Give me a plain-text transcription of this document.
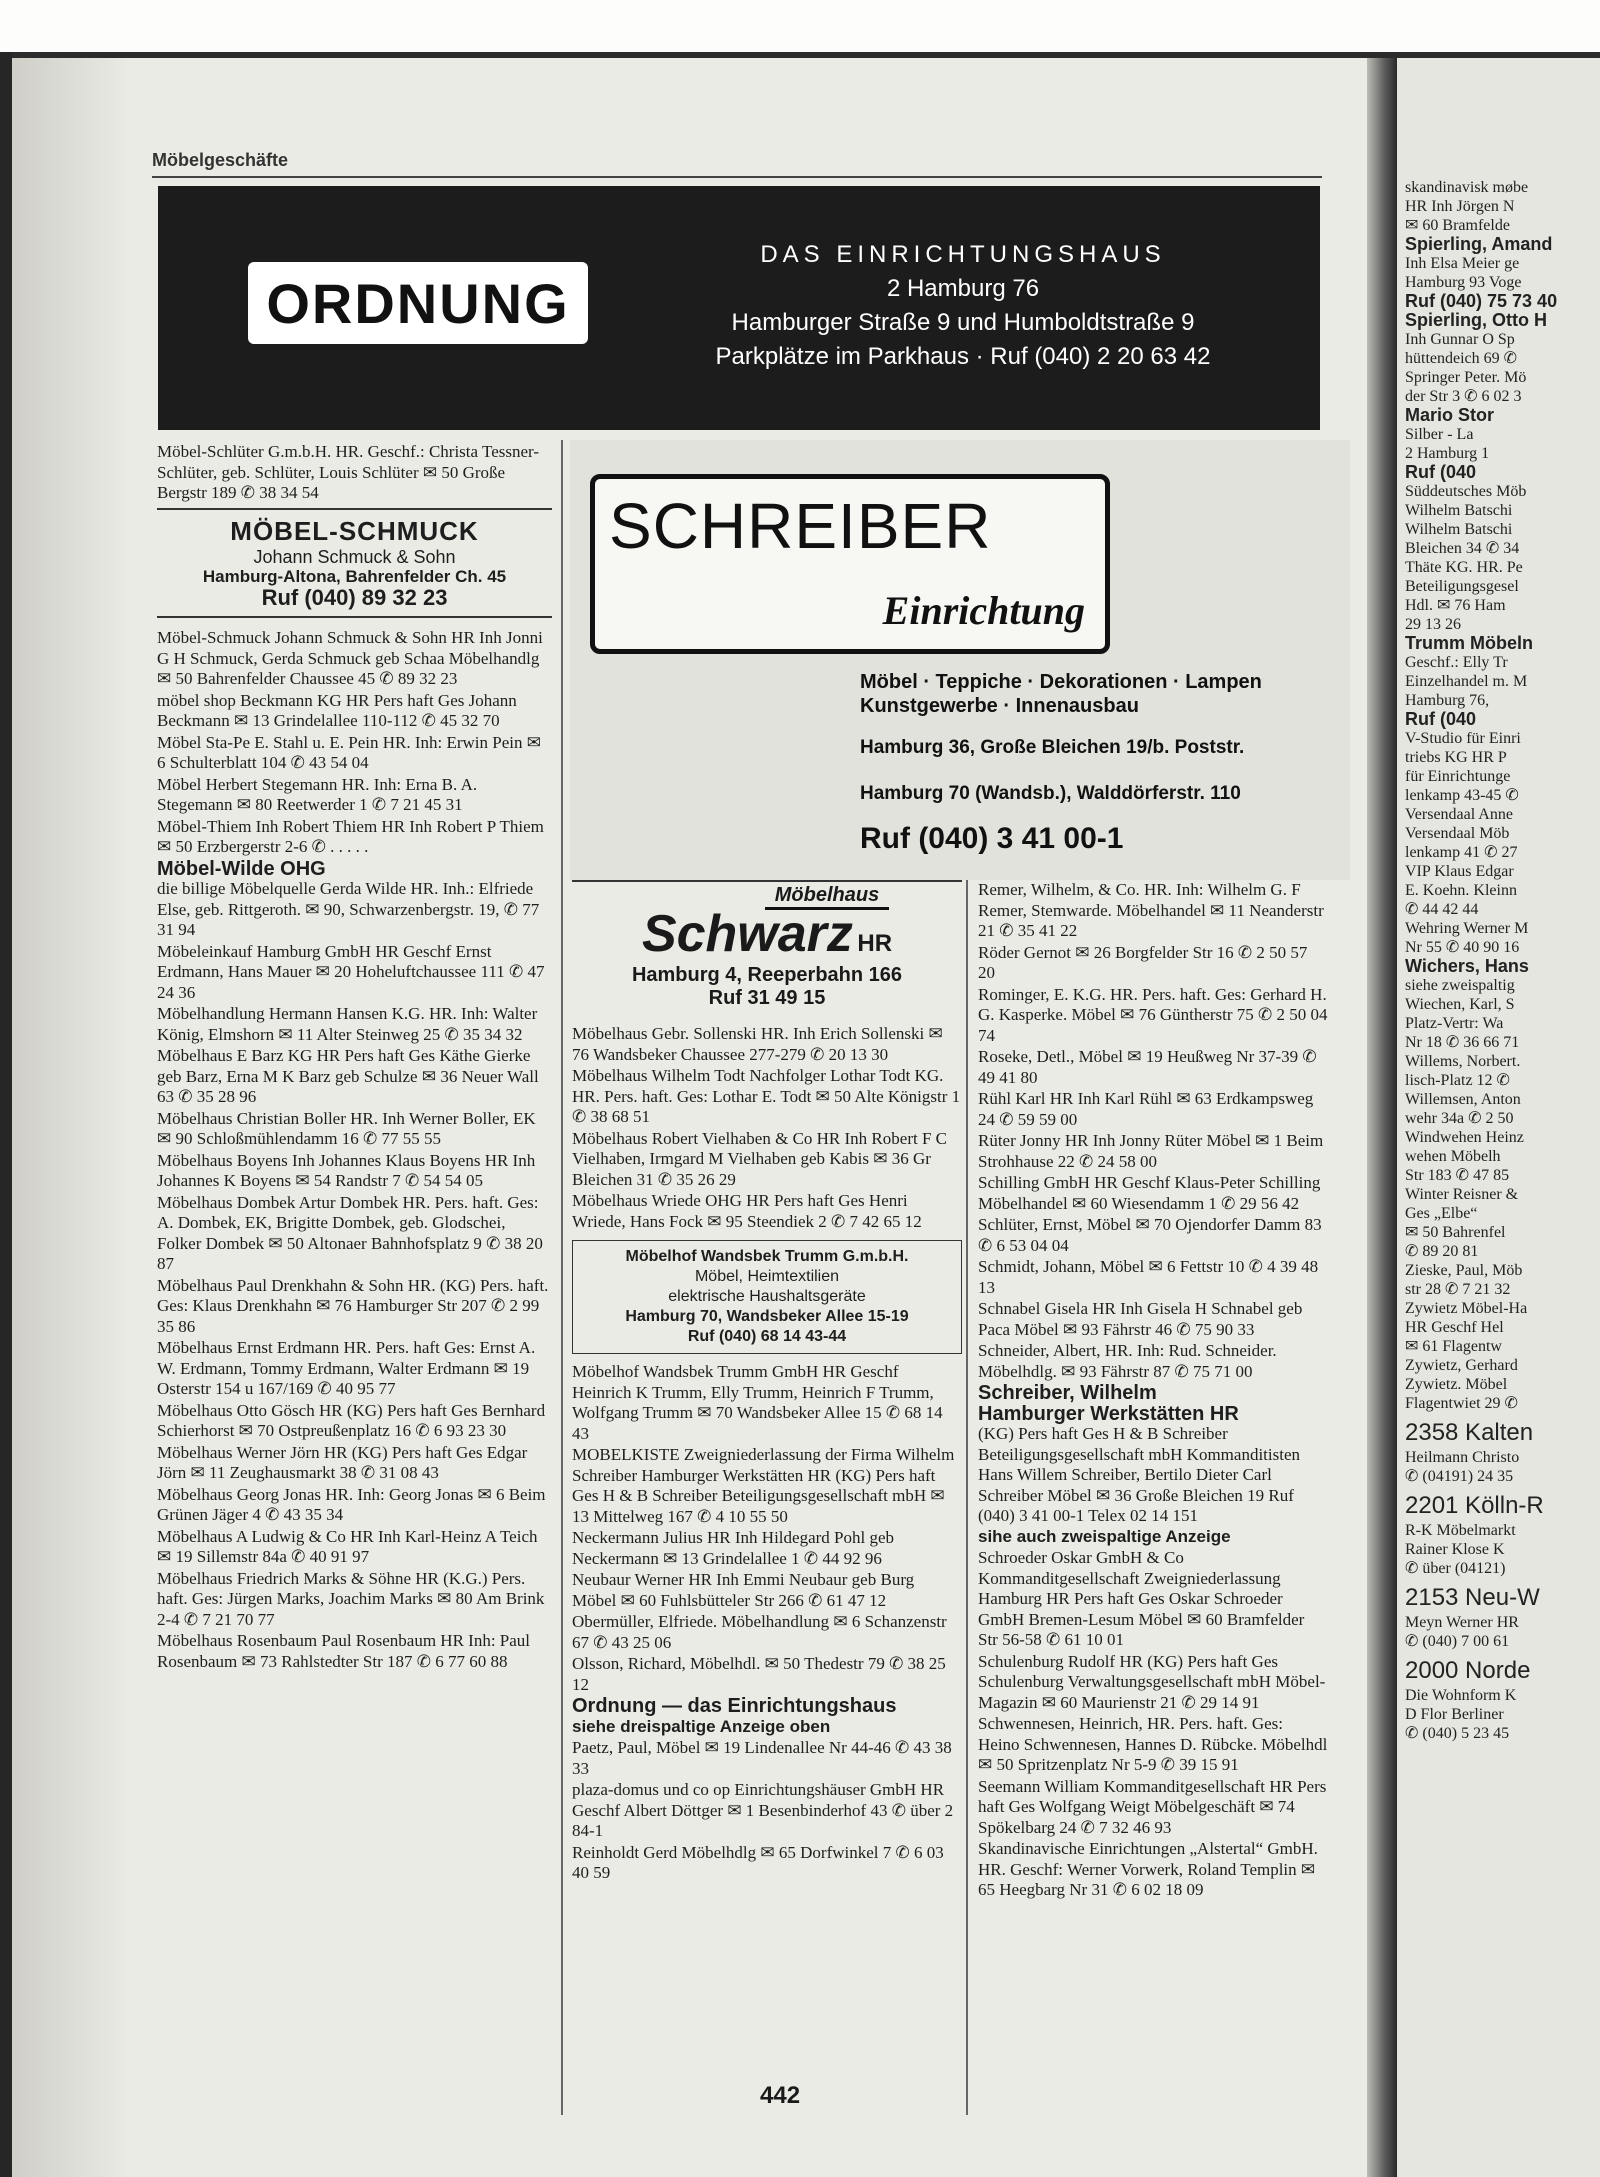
Möbelgeschäfte
ORDNUNG
DAS EINRICHTUNGSHAUS
2 Hamburg 76
Hamburger Straße 9 und Humboldtstraße 9
Parkplätze im Parkhaus · Ruf (040) 2 20 63 42
Möbel-Schlüter G.m.b.H. HR. Geschf.: Christa Tessner-Schlüter, geb. Schlüter, Louis Schlüter ✉ 50 Große Bergstr 189 ✆ 38 34 54
MÖBEL-SCHMUCK
Johann Schmuck & Sohn
Hamburg-Altona, Bahrenfelder Ch. 45
Ruf (040) 89 32 23
Möbel-Schmuck Johann Schmuck & Sohn HR Inh Jonni G H Schmuck, Gerda Schmuck geb Schaa Möbelhandlg ✉ 50 Bahrenfelder Chaussee 45 ✆ 89 32 23
möbel shop Beckmann KG HR Pers haft Ges Johann Beckmann ✉ 13 Grindelallee 110-112 ✆ 45 32 70
Möbel Sta-Pe E. Stahl u. E. Pein HR. Inh: Erwin Pein ✉ 6 Schulterblatt 104 ✆ 43 54 04
Möbel Herbert Stegemann HR. Inh: Erna B. A. Stegemann ✉ 80 Reetwerder 1 ✆ 7 21 45 31
Möbel-Thiem Inh Robert Thiem HR Inh Robert P Thiem ✉ 50 Erzbergerstr 2-6 ✆ . . . . .
Möbel-Wilde OHG
die billige Möbelquelle Gerda Wilde HR. Inh.: Elfriede Else, geb. Rittgeroth. ✉ 90, Schwarzenbergstr. 19, ✆ 77 31 94
Möbeleinkauf Hamburg GmbH HR Geschf Ernst Erdmann, Hans Mauer ✉ 20 Hoheluftchaussee 111 ✆ 47 24 36
Möbelhandlung Hermann Hansen K.G. HR. Inh: Walter König, Elmshorn ✉ 11 Alter Steinweg 25 ✆ 35 34 32
Möbelhaus E Barz KG HR Pers haft Ges Käthe Gierke geb Barz, Erna M K Barz geb Schulze ✉ 36 Neuer Wall 63 ✆ 35 28 96
Möbelhaus Christian Boller HR. Inh Werner Boller, EK ✉ 90 Schloßmühlendamm 16 ✆ 77 55 55
Möbelhaus Boyens Inh Johannes Klaus Boyens HR Inh Johannes K Boyens ✉ 54 Randstr 7 ✆ 54 54 05
Möbelhaus Dombek Artur Dombek HR. Pers. haft. Ges: A. Dombek, EK, Brigitte Dombek, geb. Glodschei, Folker Dombek ✉ 50 Altonaer Bahnhofsplatz 9 ✆ 38 20 87
Möbelhaus Paul Drenkhahn & Sohn HR. (KG) Pers. haft. Ges: Klaus Drenkhahn ✉ 76 Hamburger Str 207 ✆ 2 99 35 86
Möbelhaus Ernst Erdmann HR. Pers. haft Ges: Ernst A. W. Erdmann, Tommy Erdmann, Walter Erdmann ✉ 19 Osterstr 154 u 167/169 ✆ 40 95 77
Möbelhaus Otto Gösch HR (KG) Pers haft Ges Bernhard Schierhorst ✉ 70 Ostpreußenplatz 16 ✆ 6 93 23 30
Möbelhaus Werner Jörn HR (KG) Pers haft Ges Edgar Jörn ✉ 11 Zeughausmarkt 38 ✆ 31 08 43
Möbelhaus Georg Jonas HR. Inh: Georg Jonas ✉ 6 Beim Grünen Jäger 4 ✆ 43 35 34
Möbelhaus A Ludwig & Co HR Inh Karl-Heinz A Teich ✉ 19 Sillemstr 84a ✆ 40 91 97
Möbelhaus Friedrich Marks & Söhne HR (K.G.) Pers. haft. Ges: Jürgen Marks, Joachim Marks ✉ 80 Am Brink 2-4 ✆ 7 21 70 77
Möbelhaus Rosenbaum Paul Rosenbaum HR Inh: Paul Rosenbaum ✉ 73 Rahlstedter Str 187 ✆ 6 77 60 88
SCHREIBER
Einrichtung
Möbel · Teppiche · Dekorationen · Lampen
Kunstgewerbe · Innenausbau
Hamburg 36, Große Bleichen 19/b. Poststr.
Hamburg 70 (Wandsb.), Walddörferstr. 110
Ruf (040) 3 41 00-1
Möbelhaus
Schwarz HR
Hamburg 4, Reeperbahn 166
Ruf 31 49 15
Möbelhaus Gebr. Sollenski HR. Inh Erich Sollenski ✉ 76 Wandsbeker Chaussee 277-279 ✆ 20 13 30
Möbelhaus Wilhelm Todt Nachfolger Lothar Todt KG. HR. Pers. haft. Ges: Lothar E. Todt ✉ 50 Alte Königstr 1 ✆ 38 68 51
Möbelhaus Robert Vielhaben & Co HR Inh Robert F C Vielhaben, Irmgard M Vielhaben geb Kabis ✉ 36 Gr Bleichen 31 ✆ 35 26 29
Möbelhaus Wriede OHG HR Pers haft Ges Henri Wriede, Hans Fock ✉ 95 Steendiek 2 ✆ 7 42 65 12
Möbelhof Wandsbek Trumm G.m.b.H.
Möbel, Heimtextilien
elektrische Haushaltsgeräte
Hamburg 70, Wandsbeker Allee 15-19
Ruf (040) 68 14 43-44
Möbelhof Wandsbek Trumm GmbH HR Geschf Heinrich K Trumm, Elly Trumm, Heinrich F Trumm, Wolfgang Trumm ✉ 70 Wandsbeker Allee 15 ✆ 68 14 43
MOBELKISTE Zweigniederlassung der Firma Wilhelm Schreiber Hamburger Werkstätten HR (KG) Pers haft Ges H & B Schreiber Beteiligungsgesellschaft mbH ✉ 13 Mittelweg 167 ✆ 4 10 55 50
Neckermann Julius HR Inh Hildegard Pohl geb Neckermann ✉ 13 Grindelallee 1 ✆ 44 92 96
Neubaur Werner HR Inh Emmi Neubaur geb Burg Möbel ✉ 60 Fuhlsbütteler Str 266 ✆ 61 47 12
Obermüller, Elfriede. Möbelhandlung ✉ 6 Schanzenstr 67 ✆ 43 25 06
Olsson, Richard, Möbelhdl. ✉ 50 Thedestr 79 ✆ 38 25 12
Ordnung — das Einrichtungshaus
siehe dreispaltige Anzeige oben
Paetz, Paul, Möbel ✉ 19 Lindenallee Nr 44-46 ✆ 43 38 33
plaza-domus und co op Einrichtungshäuser GmbH HR Geschf Albert Döttger ✉ 1 Besenbinderhof 43 ✆ über 2 84-1
Reinholdt Gerd Möbelhdlg ✉ 65 Dorfwinkel 7 ✆ 6 03 40 59
Remer, Wilhelm, & Co. HR. Inh: Wilhelm G. F Remer, Stemwarde. Möbelhandel ✉ 11 Neanderstr 21 ✆ 35 41 22
Röder Gernot ✉ 26 Borgfelder Str 16 ✆ 2 50 57 20
Rominger, E. K.G. HR. Pers. haft. Ges: Gerhard H. G. Kasperke. Möbel ✉ 76 Güntherstr 75 ✆ 2 50 04 74
Roseke, Detl., Möbel ✉ 19 Heußweg Nr 37-39 ✆ 49 41 80
Rühl Karl HR Inh Karl Rühl ✉ 63 Erdkampsweg 24 ✆ 59 59 00
Rüter Jonny HR Inh Jonny Rüter Möbel ✉ 1 Beim Strohhause 22 ✆ 24 58 00
Schilling GmbH HR Geschf Klaus-Peter Schilling Möbelhandel ✉ 60 Wiesendamm 1 ✆ 29 56 42
Schlüter, Ernst, Möbel ✉ 70 Ojendorfer Damm 83 ✆ 6 53 04 04
Schmidt, Johann, Möbel ✉ 6 Fettstr 10 ✆ 4 39 48 13
Schnabel Gisela HR Inh Gisela H Schnabel geb Paca Möbel ✉ 93 Fährstr 46 ✆ 75 90 33
Schneider, Albert, HR. Inh: Rud. Schneider. Möbelhdlg. ✉ 93 Fährstr 87 ✆ 75 71 00
Schreiber, Wilhelm
Hamburger Werkstätten HR
(KG) Pers haft Ges H & B Schreiber Beteiligungsgesellschaft mbH Kommanditisten Hans Willem Schreiber, Bertilo Dieter Carl Schreiber Möbel ✉ 36 Große Bleichen 19 Ruf (040) 3 41 00-1 Telex 02 14 151
sihe auch zweispaltige Anzeige
Schroeder Oskar GmbH & Co Kommanditgesellschaft Zweigniederlassung Hamburg HR Pers haft Ges Oskar Schroeder GmbH Bremen-Lesum Möbel ✉ 60 Bramfelder Str 56-58 ✆ 61 10 01
Schulenburg Rudolf HR (KG) Pers haft Ges Schulenburg Verwaltungsgesellschaft mbH Möbel-Magazin ✉ 60 Maurienstr 21 ✆ 29 14 91
Schwennesen, Heinrich, HR. Pers. haft. Ges: Heino Schwennesen, Hannes D. Rübcke. Möbelhdl ✉ 50 Spritzenplatz Nr 5-9 ✆ 39 15 91
Seemann William Kommanditgesellschaft HR Pers haft Ges Wolfgang Weigt Möbelgeschäft ✉ 74 Spökelbarg 24 ✆ 7 32 46 93
Skandinavische Einrichtungen „Alstertal“ GmbH. HR. Geschf: Werner Vorwerk, Roland Templin ✉ 65 Heegbarg Nr 31 ✆ 6 02 18 09
442
skandinavisk møbe
HR Inh Jörgen N
✉ 60 Bramfelde
Spierling, Amand
Inh Elsa Meier ge
Hamburg 93 Voge
Ruf (040) 75 73 40
Spierling, Otto H
Inh Gunnar O Sp
hüttendeich 69 ✆
Springer Peter. Mö
der Str 3 ✆ 6 02 3
Mario Stor
Silber - La
2 Hamburg 1
Ruf (040
Süddeutsches Möb
Wilhelm Batschi
Wilhelm Batschi
Bleichen 34 ✆ 34
Thäte KG. HR. Pe
Beteiligungsgesel
Hdl. ✉ 76 Ham
29 13 26
Trumm Möbeln
Geschf.: Elly Tr
Einzelhandel m. M
Hamburg 76,
Ruf (040
V-Studio für Einri
triebs KG HR P
für Einrichtunge
lenkamp 43-45 ✆
Versendaal Anne
Versendaal Möb
lenkamp 41 ✆ 27
VIP Klaus Edgar
E. Koehn. Kleinn
✆ 44 42 44
Wehring Werner M
Nr 55 ✆ 40 90 16
Wichers, Hans
siehe zweispaltig
Wiechen, Karl, S
Platz-Vertr: Wa
Nr 18 ✆ 36 66 71
Willems, Norbert.
lisch-Platz 12 ✆
Willemsen, Anton
wehr 34a ✆ 2 50
Windwehen Heinz
wehen Möbelh
Str 183 ✆ 47 85
Winter Reisner &
Ges „Elbe“
✉ 50 Bahrenfel
✆ 89 20 81
Zieske, Paul, Möb
str 28 ✆ 7 21 32
Zywietz Möbel-Ha
HR Geschf Hel
✉ 61 Flagentw
Zywietz, Gerhard
Zywietz. Möbel
Flagentwiet 29 ✆
2358 Kalten
Heilmann Christo
✆ (04191) 24 35
2201 Kölln-R
R-K Möbelmarkt
Rainer Klose K
✆ über (04121)
2153 Neu-W
Meyn Werner HR
✆ (040) 7 00 61
2000 Norde
Die Wohnform K
D Flor Berliner
✆ (040) 5 23 45
